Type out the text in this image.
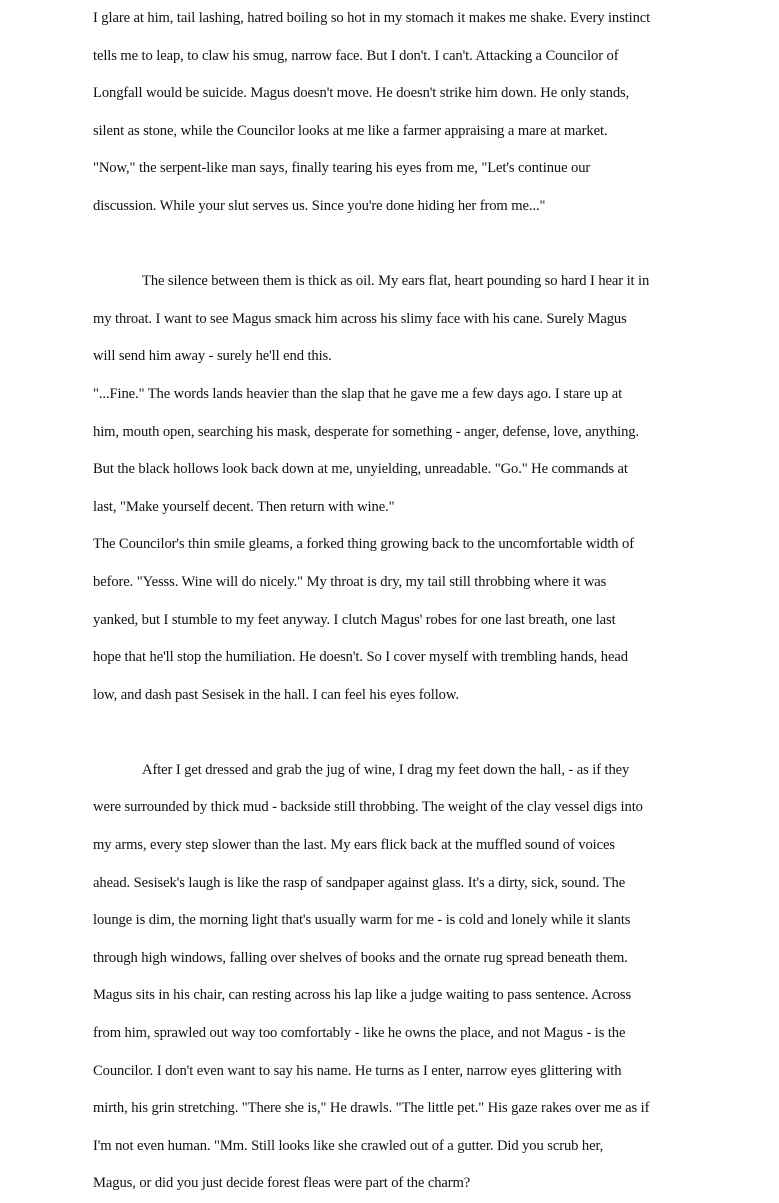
I glare at him, tail lashing, hatred boiling so hot in my stomach it makes me shake. Every instinct
tells me to leap, to claw his smug, narrow face. But I don't. I can't. Attacking a Councilor of
Longfall would be suicide. Magus doesn't move. He doesn't strike him down. He only stands,
silent as stone, while the Councilor looks at me like a farmer appraising a mare at market.
"Now," the serpent-like man says, finally tearing his eyes from me, "Let's continue our
discussion. While your slut serves us. Since you're done hiding her from me..."
The silence between them is thick as oil. My ears flat, heart pounding so hard I hear it in
my throat. I want to see Magus smack him across his slimy face with his cane. Surely Magus
will send him away - surely he'll end this.
"...Fine." The words lands heavier than the slap that he gave me a few days ago. I stare up at
him, mouth open, searching his mask, desperate for something - anger, defense, love, anything.
But the black hollows look back down at me, unyielding, unreadable. "Go." He commands at
last, "Make yourself decent. Then return with wine."
The Councilor's thin smile gleams, a forked thing growing back to the uncomfortable width of
before. "Yesss. Wine will do nicely." My throat is dry, my tail still throbbing where it was
yanked, but I stumble to my feet anyway. I clutch Magus' robes for one last breath, one last
hope that he'll stop the humiliation. He doesn't. So I cover myself with trembling hands, head
low, and dash past Sesisek in the hall. I can feel his eyes follow.
After I get dressed and grab the jug of wine, I drag my feet down the hall, - as if they
were surrounded by thick mud - backside still throbbing. The weight of the clay vessel digs into
my arms, every step slower than the last. My ears flick back at the muffled sound of voices
ahead. Sesisek's laugh is like the rasp of sandpaper against glass. It's a dirty, sick, sound. The
lounge is dim, the morning light that's usually warm for me - is cold and lonely while it slants
through high windows, falling over shelves of books and the ornate rug spread beneath them.
Magus sits in his chair, can resting across his lap like a judge waiting to pass sentence. Across
from him, sprawled out way too comfortably - like he owns the place, and not Magus - is the
Councilor. I don't even want to say his name. He turns as I enter, narrow eyes glittering with
mirth, his grin stretching. "There she is," He drawls. "The little pet." His gaze rakes over me as if
I'm not even human. "Mm. Still looks like she crawled out of a gutter. Did you scrub her,
Magus, or did you just decide forest fleas were part of the charm?
